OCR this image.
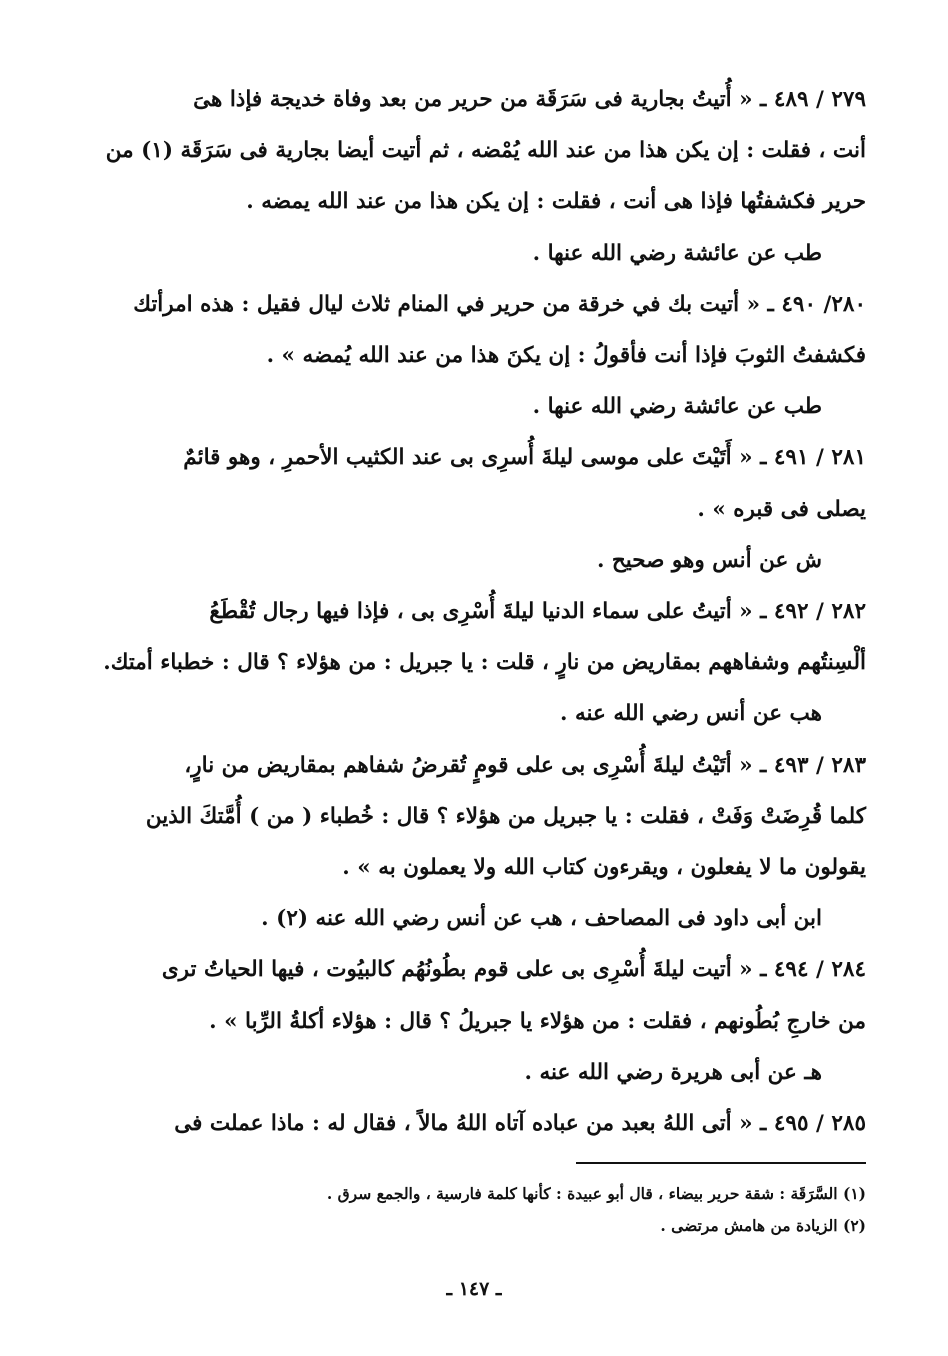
٢٧٩ / ٤٨٩ ـ « أُتيتُ بجارية فى سَرَقَة من حرير من بعد وفاة خديجة فإذا هىَ

أنت ، فقلت : إن يكن هذا من عند الله يُمْضه ، ثم أتيت أيضا بجارية فى سَرَقَة (١) من

حرير فكشفتُها فإذا هى أنت ، فقلت : إن يكن هذا من عند الله يمضه .

طب عن عائشة رضي الله عنها .

٢٨٠/ ٤٩٠ ـ « أتيت بك في خرقة من حرير في المنام ثلاث ليال فقيل : هذه امرأتك

فكشفتُ الثوبَ فإذا أنت فأقولُ : إن يكنَ هذا من عند الله يُمضه » .

طب عن عائشة رضي الله عنها .

٢٨١ / ٤٩١ ـ « أَتَيْتَ على موسى ليلةَ أُسرِى بى عند الكثيب الأحمرِ ، وهو قائمٌ

يصلى فى قبره » .

ش عن أنس وهو صحيح .

٢٨٢ / ٤٩٢ ـ « أتيتُ على سماء الدنيا ليلةَ أُسْرِى بى ، فإذا فيها رجال تُقْطَعُ

ألْسِنتُهم وشفاههم بمقاريض من نارٍ ، قلت : يا جبريل : من هؤلاء ؟ قال : خطباء أمتك.

هب عن أنس رضي الله عنه .

٢٨٣ / ٤٩٣ ـ « أتَيْتُ ليلةَ أُسْرِى بى على قومٍ تُقرضُ شفاهم بمقاريض من نارٍ،

كلما قُرِضَتْ وَفَتْ ، فقلت : يا جبريل من هؤلاء ؟ قال : خُطباء ( من ) أُمَّتكَ الذين

يقولون ما لا يفعلون ، ويقرءون كتاب الله ولا يعملون به » .

ابن أبى داود فى المصاحف ، هب عن أنس رضي الله عنه (٢) .

٢٨٤ / ٤٩٤ ـ « أتيت ليلةَ أُسْرِى بى على قوم بطُونُهُم كالبيُوت ، فيها الحياتُ ترى

من خارجِ بُطُونهم ، فقلت : من هؤلاء يا جبريلُ ؟ قال : هؤلاء أكلةُ الرِّبا » .

هـ عن أبى هريرة رضي الله عنه .

٢٨٥ / ٤٩٥ ـ « أتى اللهُ بعبد من عباده آتاه اللهُ مالاً ، فقال له : ماذا عملت فى

(١) السَّرَقَة : شقة حرير بيضاء ، قال أبو عبيدة : كأنها كلمة فارسية ، والجمع سرق .

(٢) الزيادة من هامش مرتضى .

ـ ١٤٧ ـ
